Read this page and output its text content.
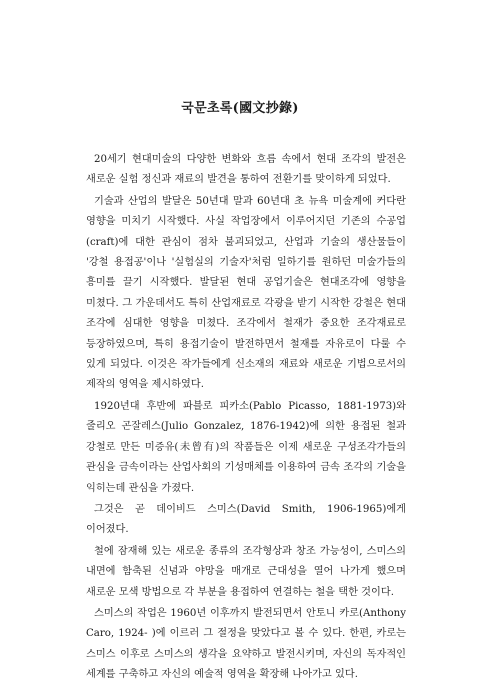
국문초록(國文抄錄)

20세기 현대미술의 다양한 변화와 흐름 속에서 현대 조각의 발전은 새로운 실험 정신과 재료의 발견을 통하여 전환기를 맞이하게 되었다.

기술과 산업의 발달은 50년대 말과 60년대 초 뉴욕 미술계에 커다란 영향을 미치기 시작했다. 사실 작업장에서 이루어지던 기존의 수공업(craft)에 대한 관심이 점차 불괴되었고, 산업과 기술의 생산물들이 '강철 용접공'이나 '실험실의 기술자'처럼 일하기를 원하던 미술가들의 흥미를 끌기 시작했다. 발달된 현대 공업기술은 현대조각에 영향을 미쳤다. 그 가운데서도 특히 산업재료로 각광을 받기 시작한 강철은 현대 조각에 심대한 영향을 미쳤다. 조각에서 철재가 중요한 조각재료로 등장하였으며, 특히 용접기술이 발전하면서 철재를 자유로이 다룰 수 있게 되었다. 이것은 작가들에게 신소재의 재료와 새로운 기법으로서의 제작의 영역을 제시하였다.

1920년대 후반에 파블로 피카소(Pablo Picasso, 1881-1973)와 줄리오 곤잘레스(Julio Gonzalez, 1876-1942)에 의한 용접된 철과 강철로 만든 미증유(未曾有)의 작품들은 이제 새로운 구성조각가들의 관심을 금속이라는 산업사회의 기성매체를 이용하여 금속 조각의 기술을 익히는데 관심을 가졌다.

그것은 곧 데이비드 스미스(David Smith, 1906-1965)에게 이어졌다.

철에 잠재해 있는 새로운 종류의 조각형상과 창조 가능성이, 스미스의 내면에 함축된 신념과 야망을 매개로 근대성을 열어 나가게 했으며 새로운 모색 방법으로 각 부분을 용접하여 연결하는 철을 택한 것이다.

스미스의 작업은 1960년 이후까지 발전되면서 안토니 카로(Anthony Caro, 1924- )에 이르러 그 절정을 맞았다고 볼 수 있다. 한편, 카로는 스미스 이후로 스미스의 생각을 요약하고 발전시키며, 자신의 독자적인 세계를 구축하고 자신의 예술적 영역을 확장해 나아가고 있다.
